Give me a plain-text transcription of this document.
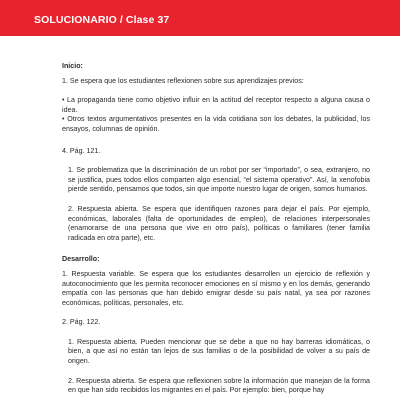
SOLUCIONARIO / Clase 37
Inicio:

1. Se espera que los estudiantes reflexionen sobre sus aprendizajes previos:

• La propaganda tiene como objetivo influir en la actitud del receptor respecto a alguna causa o idea.

• Otros textos argumentativos presentes en la vida cotidiana son los debates, la publicidad, los ensayos, columnas de opinión.

4. Pág. 121.

1. Se problematiza que la discriminación de un robot por ser “importado”, o sea, extranjero, no se justifica, pues todos ellos comparten algo esencial, “el sistema operativo”. Así, la xenofobia pierde sentido, pensamos que todos, sin que importe nuestro lugar de origen, somos humanos.

2. Respuesta abierta. Se espera que identifiquen razones para dejar el país. Por ejemplo, económicas, laborales (falta de oportunidades de empleo), de relaciones interpersonales (enamorarse de una persona que vive en otro país), políticas o familiares (tener familia radicada en otra parte), etc.

Desarrollo:

1. Respuesta variable. Se espera que los estudiantes desarrollen un ejercicio de reflexión y autoconocimiento que les permita reconocer emociones en sí mismo y en los demás, generando empatía con las personas que han debido emigrar desde su país natal, ya sea por razones económicas, políticas, personales, etc.

2. Pág. 122.

1. Respuesta abierta. Pueden mencionar que se debe a que no hay barreras idiomáticas, o bien, a que así no están tan lejos de sus familias o de la posibilidad de volver a su país de origen.

2. Respuesta abierta. Se espera que reflexionen sobre la información que manejan de la forma en que han sido recibidos los migrantes en el país. Por ejemplo: bien, porque hay
